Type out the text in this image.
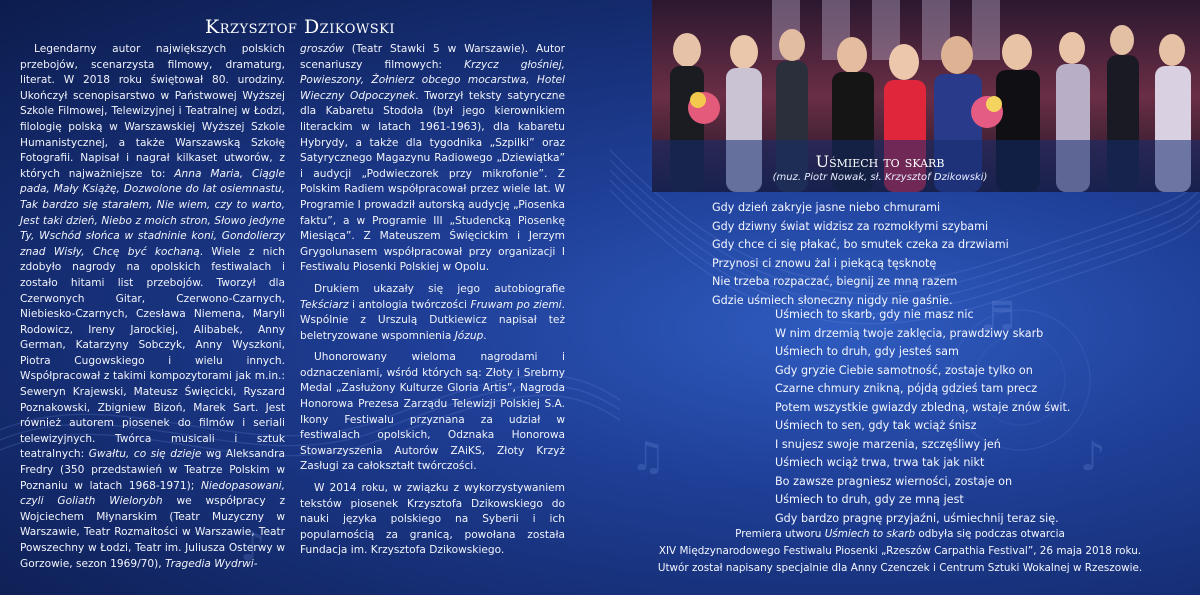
♪
♫
♪
♬
Krzysztof Dzikowski

Legendarny autor największych polskich przebojów, scenarzysta filmowy, dramaturg, literat. W 2018 roku świętował 80. urodziny. Ukończył scenopisarstwo w Państwowej Wyższej Szkole Filmowej, Telewizyjnej i Teatralnej w Łodzi, filologię polską w Warszawskiej Wyższej Szkole Humanistycznej, a także Warszawską Szkołę Fotografii. Napisał i nagrał kilkaset utworów, z których najważniejsze to: Anna Maria, Ciągle pada, Mały Książę, Dozwolone do lat osiemnastu, Tak bardzo się starałem, Nie wiem, czy to warto, Jest taki dzień, Niebo z moich stron, Słowo jedyne Ty, Wschód słońca w stadninie koni, Gondolierzy znad Wisły, Chcę być kochaną. Wiele z nich zdobyło nagrody na opolskich festiwalach i zostało hitami list przebojów. Tworzył dla Czerwonych Gitar, Czerwono-Czarnych, Niebiesko-Czarnych, Czesława Niemena, Maryli Rodowicz, Ireny Jarockiej, Alibabek, Anny German, Katarzyny Sobczyk, Anny Wyszkoni, Piotra Cugowskiego i wielu innych. Współpracował z takimi kompozytorami jak m.in.: Seweryn Krajewski, Mateusz Święcicki, Ryszard Poznakowski, Zbigniew Bizoń, Marek Sart. Jest również autorem piosenek do filmów i seriali telewizyjnych. Twórca musicali i sztuk teatralnych: Gwałtu, co się dzieje wg Aleksandra Fredry (350 przedstawień w Teatrze Polskim w Poznaniu w latach 1968-1971); Niedopasowani, czyli Goliath Wielorybh we współpracy z Wojciechem Młynarskim (Teatr Muzyczny w Warszawie, Teatr Rozmaitości w Warszawie, Teatr Powszechny w Łodzi, Teatr im. Juliusza Osterwy w Gorzowie, sezon 1969/70), Tragedia Wydrwi-

groszów (Teatr Stawki 5 w Warszawie). Autor scenariuszy filmowych: Krzycz głośniej, Powieszony, Żołnierz obcego mocarstwa, Hotel Wieczny Odpoczynek. Tworzył teksty satyryczne dla Kabaretu Stodoła (był jego kierownikiem literackim w latach 1961-1963), dla kabaretu Hybrydy, a także dla tygodnika „Szpilki” oraz Satyrycznego Magazynu Radiowego „Dziewiątka” i audycji „Podwieczorek przy mikrofonie”. Z Polskim Radiem współpracował przez wiele lat. W Programie I prowadził autorską audycję „Piosenka faktu”, a w Programie III „Studencką Piosenkę Miesiąca”. Z Mateuszem Święcickim i Jerzym Grygolunasem współpracował przy organizacji I Festiwalu Piosenki Polskiej w Opolu.

Drukiem ukazały się jego autobiografie Tekściarz i antologia twórczości Fruwam po ziemi. Wspólnie z Urszulą Dutkiewicz napisał też beletryzowane wspomnienia Józup.

Uhonorowany wieloma nagrodami i odznaczeniami, wśród których są: Złoty i Srebrny Medal „Zasłużony Kulturze Gloria Artis”, Nagroda Honorowa Prezesa Zarządu Telewizji Polskiej S.A. Ikony Festiwalu przyznana za udział w festiwalach opolskich, Odznaka Honorowa Stowarzyszenia Autorów ZAiKS, Złoty Krzyż Zasługi za całokształt twórczości.

W 2014 roku, w związku z wykorzystywaniem tekstów piosenek Krzysztofa Dzikowskiego do nauki języka polskiego na Syberii i ich popularnością za granicą, powołana została Fundacja im. Krzysztofa Dzikowskiego.

Uśmiech to skarb
(muz. Piotr Nowak, sł. Krzysztof Dzikowski)
Gdy dzień zakryje jasne niebo chmurami
Gdy dziwny świat widzisz za rozmokłymi szybami
Gdy chce ci się płakać, bo smutek czeka za drzwiami
Przynosi ci znowu żal i piekącą tęsknotę
Nie trzeba rozpaczać, biegnij ze mną razem
Gdzie uśmiech słoneczny nigdy nie gaśnie.
Uśmiech to skarb, gdy nie masz nic
W nim drzemią twoje zaklęcia, prawdziwy skarb
Uśmiech to druh, gdy jesteś sam
Gdy gryzie Ciebie samotność, zostaje tylko on
Czarne chmury znikną, pójdą gdzieś tam precz
Potem wszystkie gwiazdy zbledną, wstaje znów świt.
Uśmiech to sen, gdy tak wciąż śnisz
I snujesz swoje marzenia, szczęśliwy jeń
Uśmiech wciąż trwa, trwa tak jak nikt
Bo zawsze pragniesz wierności, zostaje on
Uśmiech to druh, gdy ze mną jest
Gdy bardzo pragnę przyjaźni, uśmiechnij teraz się.
Premiera utworu Uśmiech to skarb odbyła się podczas otwarcia
XIV Międzynarodowego Festiwalu Piosenki „Rzeszów Carpathia Festival”, 26 maja 2018 roku.
Utwór został napisany specjalnie dla Anny Czenczek i Centrum Sztuki Wokalnej w Rzeszowie.
